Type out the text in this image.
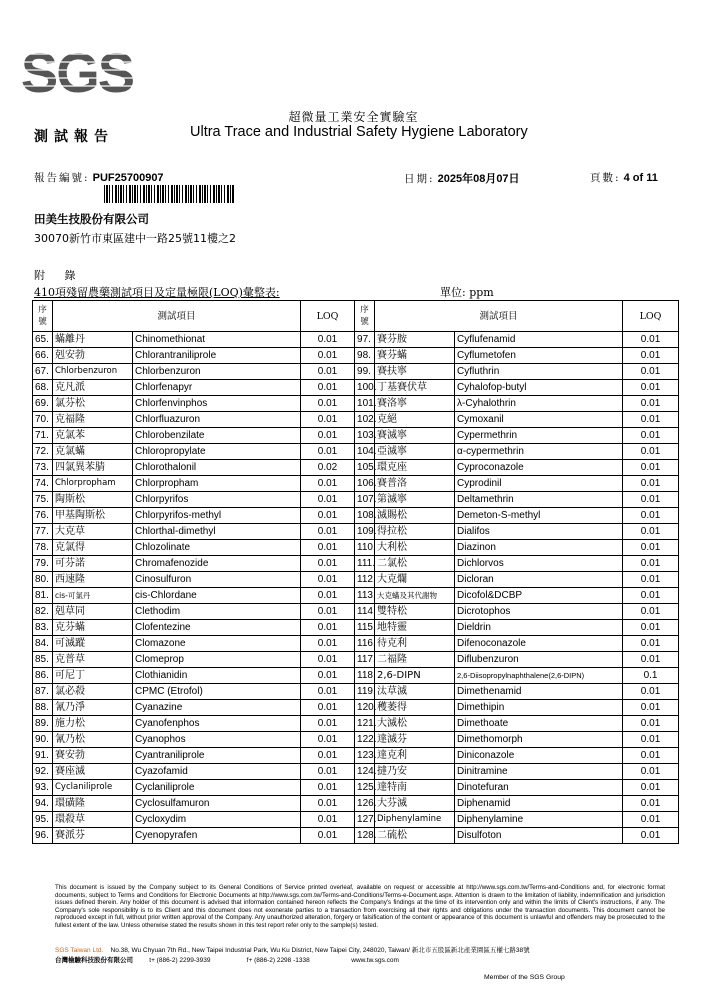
SGS
超微量工業安全實驗室
測試報告	Ultra Trace and Industrial Safety Hygiene Laboratory
報告編號: PUF25700907	日期: 2025年08月07日	頁數: 4 of 11
田美生技股份有限公司
30070新竹市東區建中一路25號11樓之2
附 錄
410項殘留農藥測試項目及定量極限(LOQ)彙整表:	單位: ppm
序號	測試項目		LOQ	序號	測試項目		LOQ
65.	蟎離丹	Chinomethionat	0.01	97.	賽芬胺	Cyflufenamid	0.01
66.	剋安勃	Chlorantraniliprole	0.01	98.	賽芬蟎	Cyflumetofen	0.01
67.	Chlorbenzuron	Chlorbenzuron	0.01	99.	賽扶寧	Cyfluthrin	0.01
68.	克凡派	Chlorfenapyr	0.01	100.	丁基賽伏草	Cyhalofop-butyl	0.01
69.	氯芬松	Chlorfenvinphos	0.01	101.	賽洛寧	λ-Cyhalothrin	0.01
70.	克福隆	Chlorfluazuron	0.01	102.	克絕	Cymoxanil	0.01
71.	克氯苯	Chlorobenzilate	0.01	103.	賽滅寧	Cypermethrin	0.01
72.	克氯蟎	Chloropropylate	0.01	104.	亞滅寧	α-cypermethrin	0.01
73.	四氯異苯腈	Chlorothalonil	0.02	105.	環克座	Cyproconazole	0.01
74.	Chlorpropham	Chlorpropham	0.01	106.	賽普洛	Cyprodinil	0.01
75.	陶斯松	Chlorpyrifos	0.01	107.	第滅寧	Deltamethrin	0.01
76.	甲基陶斯松	Chlorpyrifos-methyl	0.01	108.	滅賜松	Demeton-S-methyl	0.01
77.	大克草	Chlorthal-dimethyl	0.01	109.	得拉松	Dialifos	0.01
78.	克氯得	Chlozolinate	0.01	110.	大利松	Diazinon	0.01
79.	可芬諾	Chromafenozide	0.01	111.	二氯松	Dichlorvos	0.01
80.	西速隆	Cinosulfuron	0.01	112.	大克爛	Dicloran	0.01
81.	cis-可氯丹	cis-Chlordane	0.01	113.	大克蟎及其代謝物	Dicofol&DCBP	0.01
82.	剋草同	Clethodim	0.01	114.	雙特松	Dicrotophos	0.01
83.	克芬蟎	Clofentezine	0.01	115.	地特靈	Dieldrin	0.01
84.	可滅蹤	Clomazone	0.01	116.	待克利	Difenoconazole	0.01
85.	克普草	Clomeprop	0.01	117.	二福隆	Diflubenzuron	0.01
86.	可尼丁	Clothianidin	0.01	118.	2,6-DIPN	2,6-Diisopropylnaphthalene(2,6-DIPN)	0.1
87.	氯必殺	CPMC (Etrofol)	0.01	119.	汰草滅	Dimethenamid	0.01
88.	氰乃淨	Cyanazine	0.01	120.	穫萎得	Dimethipin	0.01
89.	施力松	Cyanofenphos	0.01	121.	大滅松	Dimethoate	0.01
90.	氰乃松	Cyanophos	0.01	122.	達滅芬	Dimethomorph	0.01
91.	賽安勃	Cyantraniliprole	0.01	123.	達克利	Diniconazole	0.01
92.	賽座滅	Cyazofamid	0.01	124.	撻乃安	Dinitramine	0.01
93.	Cyclaniliprole	Cyclaniliprole	0.01	125.	達特南	Dinotefuran	0.01
94.	環磺隆	Cyclosulfamuron	0.01	126.	大芬滅	Diphenamid	0.01
95.	環殺草	Cycloxydim	0.01	127.	Diphenylamine	Diphenylamine	0.01
96.	賽派芬	Cyenopyrafen	0.01	128.	二硫松	Disulfoton	0.01
This document is issued by the Company subject to its General Conditions of Service printed overleaf, available on request or accessible at http://www.sgs.com.tw/Terms-and-Conditions and, for electronic format documents, subject to Terms and Conditions for Electronic Documents at http://www.sgs.com.tw/Terms-and-Conditions/Terms-e-Document.aspx. Attention is drawn to the limitation of liability, indemnification and jurisdiction issues defined therein. Any holder of this document is advised that information contained hereon reflects the Company's findings at the time of its intervention only and within the limits of Client's instructions, if any. The Company's sole responsibility is to its Client and this document does not exonerate parties to a transaction from exercising all their rights and obligations under the transaction documents. This document cannot be reproduced except in full, without prior written approval of the Company. Any unauthorized alteration, forgery or falsification of the content or appearance of this document is unlawful and offenders may be prosecuted to the fullest extent of the law. Unless otherwise stated the results shown in this test report refer only to the sample(s) tested.
SGS Taiwan Ltd. No.38, Wu Chyuan 7th Rd., New Taipei Industrial Park, Wu Ku District, New Taipei City, 248020, Taiwan/ 新北市五股區新北產業園區五權七路38號
台灣檢驗科技股份有限公司	t+ (886-2) 2299-3939	f+ (886-2) 2298 -1338	www.tw.sgs.com
Member of the SGS Group
